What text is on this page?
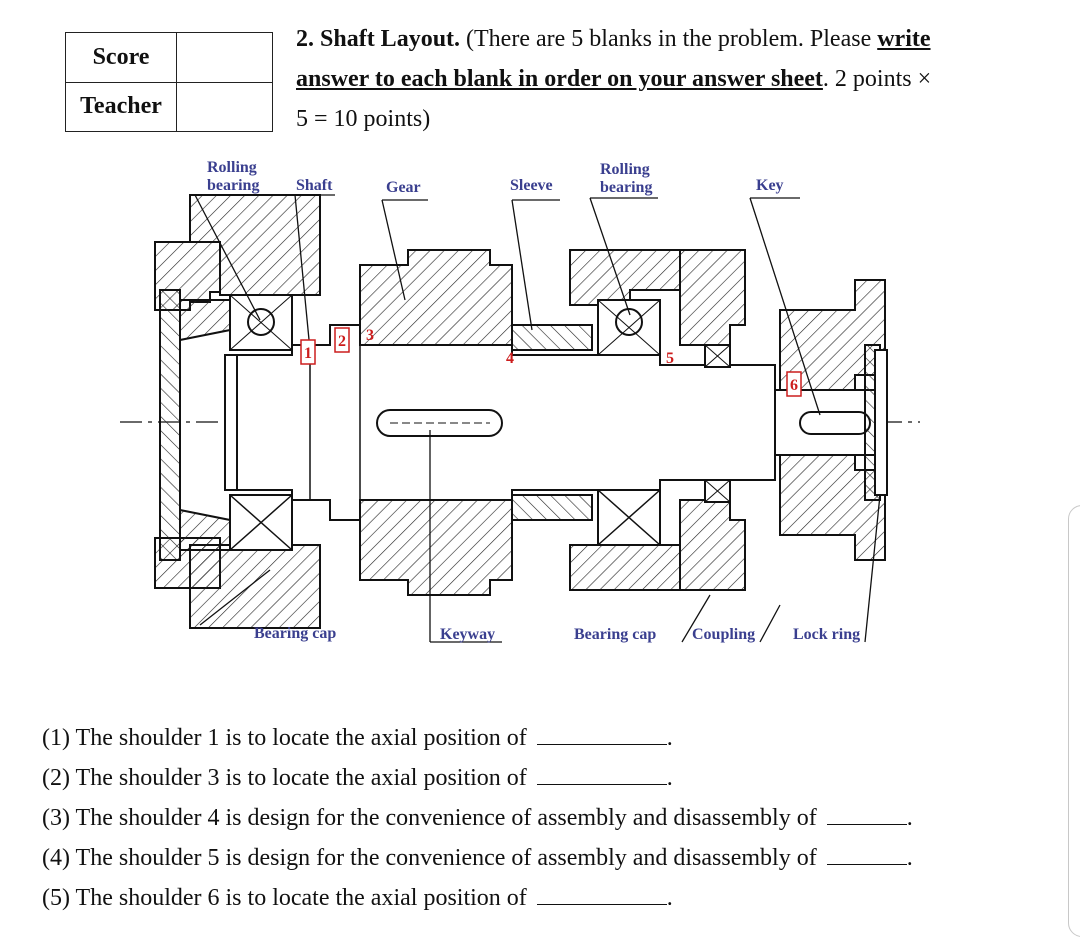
Score	
Teacher	
2. Shaft Layout. (There are 5 blanks in the problem. Please write
answer to each blank in order on your answer sheet. 2 points ×
5 = 10 points)
Rolling
bearing Shaft	Gear	Sleeve
Rolling
bearing	Key
Bearing cap	Keyway	Bearing cap Coupling Lock ring
1
2 3
4	5
6
(1) The shoulder 1 is to locate the axial position of	.
(2) The shoulder 3 is to locate the axial position of	.
(3) The shoulder 4 is design for the convenience of assembly and disassembly of	.
(4) The shoulder 5 is design for the convenience of assembly and disassembly of	.
(5) The shoulder 6 is to locate the axial position of	.
